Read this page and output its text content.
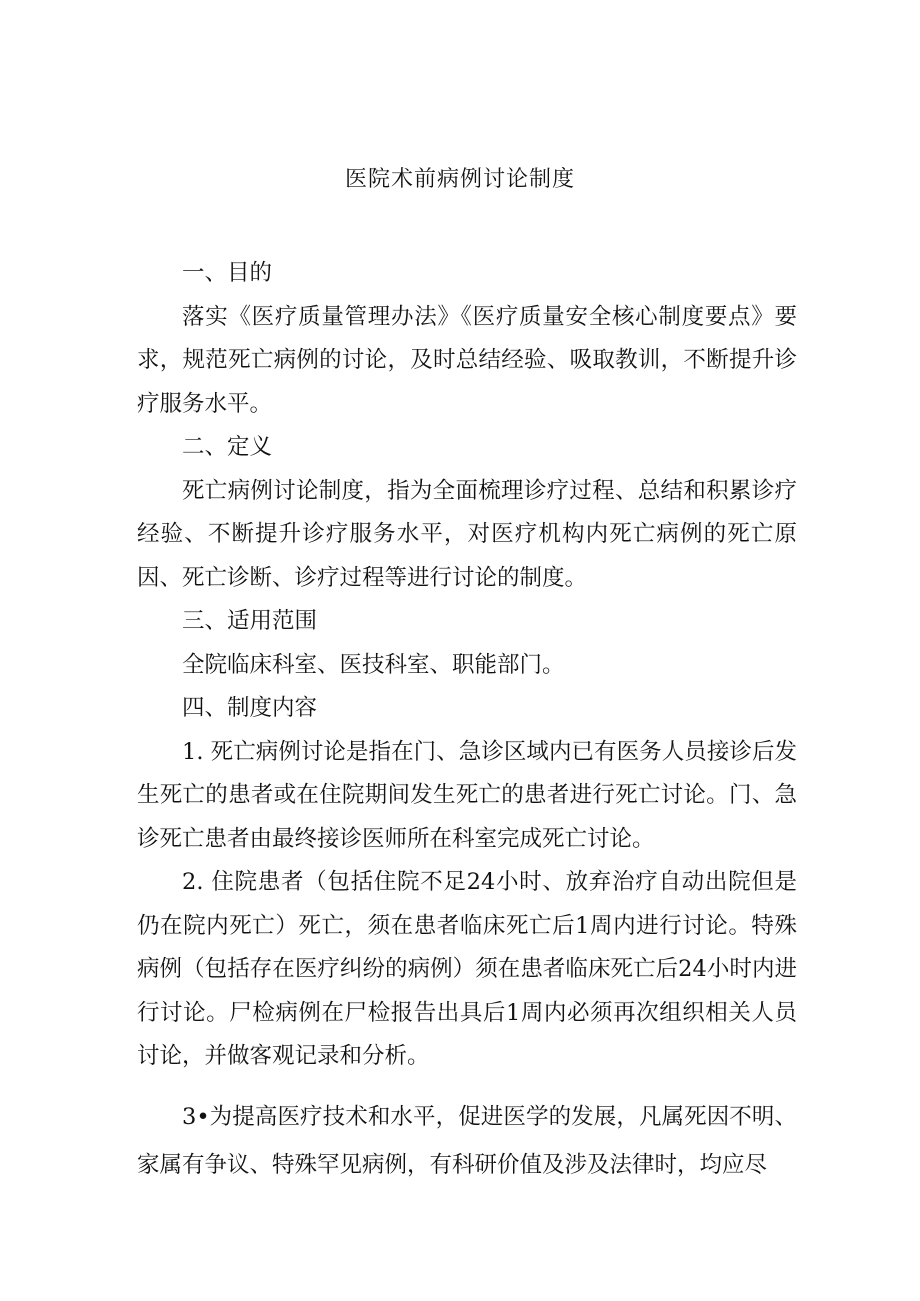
医院术前病例讨论制度

一、目的

落实《医疗质量管理办法》《医疗质量安全核心制度要点》要求，规范死亡病例的讨论，及时总结经验、吸取教训，不断提升诊疗服务水平。

二、定义

死亡病例讨论制度，指为全面梳理诊疗过程、总结和积累诊疗经验、不断提升诊疗服务水平，对医疗机构内死亡病例的死亡原因、死亡诊断、诊疗过程等进行讨论的制度。

三、适用范围

全院临床科室、医技科室、职能部门。

四、制度内容

1. 死亡病例讨论是指在门、急诊区域内已有医务人员接诊后发生死亡的患者或在住院期间发生死亡的患者进行死亡讨论。门、急诊死亡患者由最终接诊医师所在科室完成死亡讨论。

2. 住院患者（包括住院不足24小时、放弃治疗自动出院但是仍在院内死亡）死亡，须在患者临床死亡后1周内进行讨论。特殊病例（包括存在医疗纠纷的病例）须在患者临床死亡后24小时内进行讨论。尸检病例在尸检报告出具后1周内必须再次组织相关人员讨论，并做客观记录和分析。

3•为提高医疗技术和水平，促进医学的发展，凡属死因不明、家属有争议、特殊罕见病例，有科研价值及涉及法律时，均应尽
